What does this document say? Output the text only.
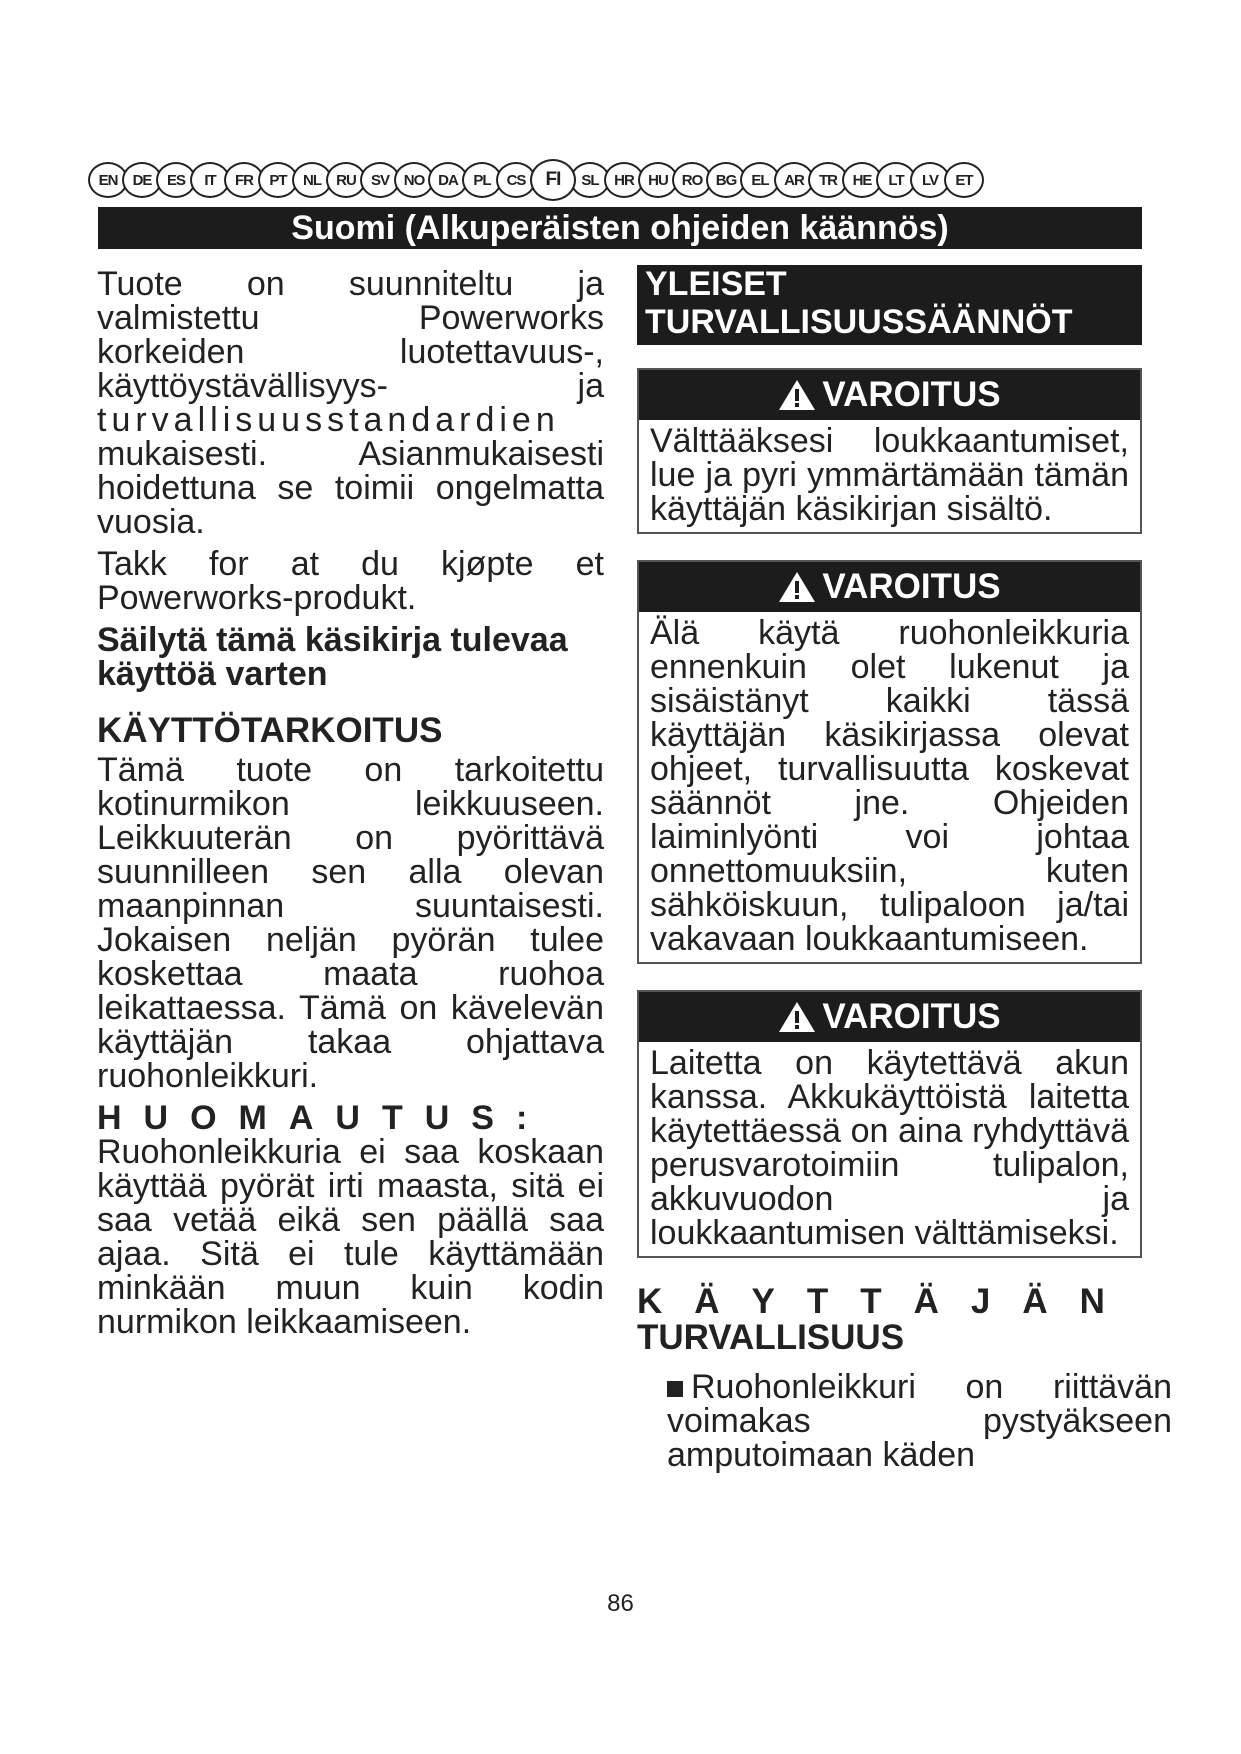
EN	DE	ES	IT	FR	PT	NL	RU	SV NO DA	PL	CS	FI	SL	HR HU RO BG	EL	AR	TR	HE	LT	LV	ET
Suomi (Alkuperäisten ohjeiden käännös)

Tuote on suunniteltu ja valmistettu Powerworks korkeiden luotettavuus-, käyttöystävällisyys- ja turvallisuusstandardien mukaisesti. Asianmukaisesti hoidettuna se toimii ongelmatta vuosia.

Takk for at du kjøpte et Powerworks-produkt.

Säilytä tämä käsikirja tulevaa käyttöä varten

KÄYTTÖTARKOITUS

Tämä tuote on tarkoitettu kotinurmikon leikkuuseen. Leikkuuterän on pyörittävä suunnilleen sen alla olevan maanpinnan suuntaisesti. Jokaisen neljän pyörän tulee koskettaa maata ruohoa leikattaessa. Tämä on kävelevän käyttäjän takaa ohjattava ruohonleikkuri.

HUOMAUTUS:
Ruohonleikkuria ei saa koskaan käyttää pyörät irti maasta, sitä ei saa vetää eikä sen päällä saa ajaa. Sitä ei tule käyttämään minkään muun kuin kodin nurmikon leikkaamiseen.

YLEISET TURVALLISUUSSÄÄNNÖT
VAROITUS
Välttääksesi loukkaantumiset, lue ja pyri ymmärtämään tämän käyttäjän käsikirjan sisältö.
VAROITUS
Älä käytä ruohonleikkuria ennenkuin olet lukenut ja sisäistänyt kaikki tässä käyttäjän käsikirjassa olevat ohjeet, turvallisuutta koskevat säännöt jne. Ohjeiden laiminlyönti voi johtaa onnettomuuksiin, kuten sähköiskuun, tulipaloon ja/tai vakavaan loukkaantumiseen.
VAROITUS
Laitetta on käytettävä akun kanssa. Akkukäyttöistä laitetta käytettäessä on aina ryhdyttävä perusvarotoimiin tulipalon, akkuvuodon ja loukkaantumisen välttämiseksi.
KÄYTTÄJÄN
TURVALLISUUS
Ruohonleikkuri on riittävän voimakas pystyäkseen amputoimaan käden
86
